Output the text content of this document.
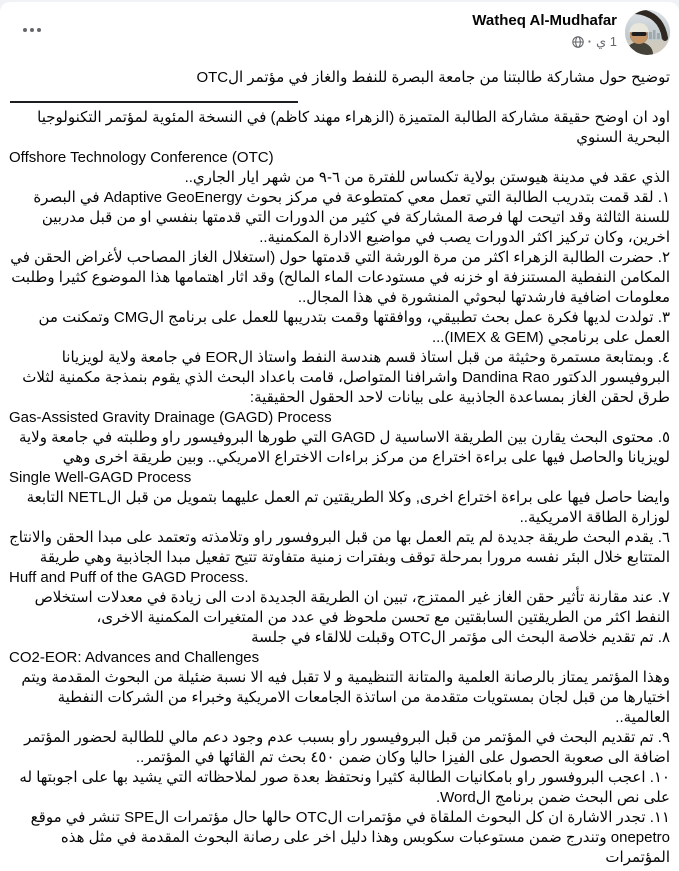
Watheq Al-Mudhafar
1 ي
·
توضيح حول مشاركة طالبتنا من جامعة البصرة للنفط والغاز في مؤتمر الOTC
اود ان اوضح حقيقة مشاركة الطالبة المتميزة (الزهراء مهند كاظم) في النسخة المئوية لمؤتمر التكنولوجيا البحرية السنوي
Offshore Technology Conference (OTC)
الذي عقد في مدينة هيوستن بولاية تكساس للفترة من ٦-٩ من شهر ايار الجاري..
١. لقد قمت بتدريب الطالبة التي تعمل معي كمتطوعة في مركز بحوث Adaptive GeoEnergy في البصرة للسنة الثالثة وقد اتيحت لها فرصة المشاركة في كثير من الدورات التي قدمتها بنفسي او من قبل مدربين اخرين، وكان تركيز اكثر الدورات يصب في مواضيع الادارة المكمنية..
٢. حضرت الطالبة الزهراء اكثر من مرة الورشة التي قدمتها حول (استغلال الغاز المصاحب لأغراض الحقن في المكامن النفطية المستنزفة او خزنه في مستودعات الماء المالح) وقد اثار اهتمامها هذا الموضوع كثيرا وطلبت معلومات اضافية فارشدتها لبحوثي المنشورة في هذا المجال..
٣. تولدت لديها فكرة عمل بحث تطبيقي، ووافقتها وقمت بتدريبها للعمل على برنامج الCMG وتمكنت من العمل على برنامجي (IMEX & GEM)...
٤. وبمتابعة مستمرة وحثيثة من قبل استاذ قسم هندسة النفط واستاذ الEOR في جامعة ولاية لويزيانا البروفيسور الدكتور Dandina Rao واشرافنا المتواصل، قامت باعداد البحث الذي يقوم بنمذجة مكمنية لثلاث طرق لحقن الغاز بمساعدة الجاذبية على بيانات لاحد الحقول الحقيقية:
Gas-Assisted Gravity Drainage (GAGD) Process
٥. محتوى البحث يقارن بين الطريقة الاساسية ل GAGD التي طورها البروفيسور راو وطلبته في جامعة ولاية لويزيانا والحاصل فيها على براءة اختراع من مركز براءات الاختراع الامريكي.. وبين طريقة اخرى وهي
Single Well-GAGD Process
وايضا حاصل فيها على براءة اختراع اخرى, وكلا الطريقتين تم العمل عليهما بتمويل من قبل الNETL التابعة لوزارة الطاقة الامريكية..
٦. يقدم البحث طريقة جديدة لم يتم العمل بها من قبل البروفسور راو وتلامذته وتعتمد على مبدا الحقن والانتاج المتتابع خلال البئر نفسه مرورا بمرحلة توقف وبفترات زمنية متفاوتة تتيح تفعيل مبدا الجاذبية وهي طريقة
Huff and Puff of the GAGD Process.
٧. عند مقارنة تأثير حقن الغاز غير الممتزج، تبين ان الطريقة الجديدة ادت الى زيادة في معدلات استخلاص النفط اكثر من الطريقتين السابقتين مع تحسن ملحوظ في عدد من المتغيرات المكمنية الاخرى،
٨. تم تقديم خلاصة البحث الى مؤتمر الOTC وقبلت للالقاء في جلسة
CO2-EOR: Advances and Challenges
وهذا المؤتمر يمتاز بالرصانة العلمية والمتانة التنظيمية و لا تقبل فيه الا نسبة ضئيلة من البحوث المقدمة ويتم اختيارها من قبل لجان بمستويات متقدمة من اساتذة الجامعات الامريكية وخبراء من الشركات النفطية العالمية..
٩. تم تقديم البحث في المؤتمر من قبل البروفيسور راو بسبب عدم وجود دعم مالي للطالبة لحضور المؤتمر اضافة الى صعوبة الحصول على الفيزا حاليا وكان ضمن ٤٥٠ بحث تم القائها في المؤتمر..
١٠. اعجب البروفسور راو بامكانيات الطالبة كثيرا ونحتفظ بعدة صور لملاحظاته التي يشيد بها على اجوبتها له على نص البحث ضمن برنامج الWord.
١١. تجدر الاشارة ان كل البحوث الملقاة في مؤتمرات الOTC حالها حال مؤتمرات الSPE تنشر في موقع onepetro وتندرج ضمن مستوعبات سكوبس وهذا دليل اخر على رصانة البحوث المقدمة في مثل هذه المؤتمرات
